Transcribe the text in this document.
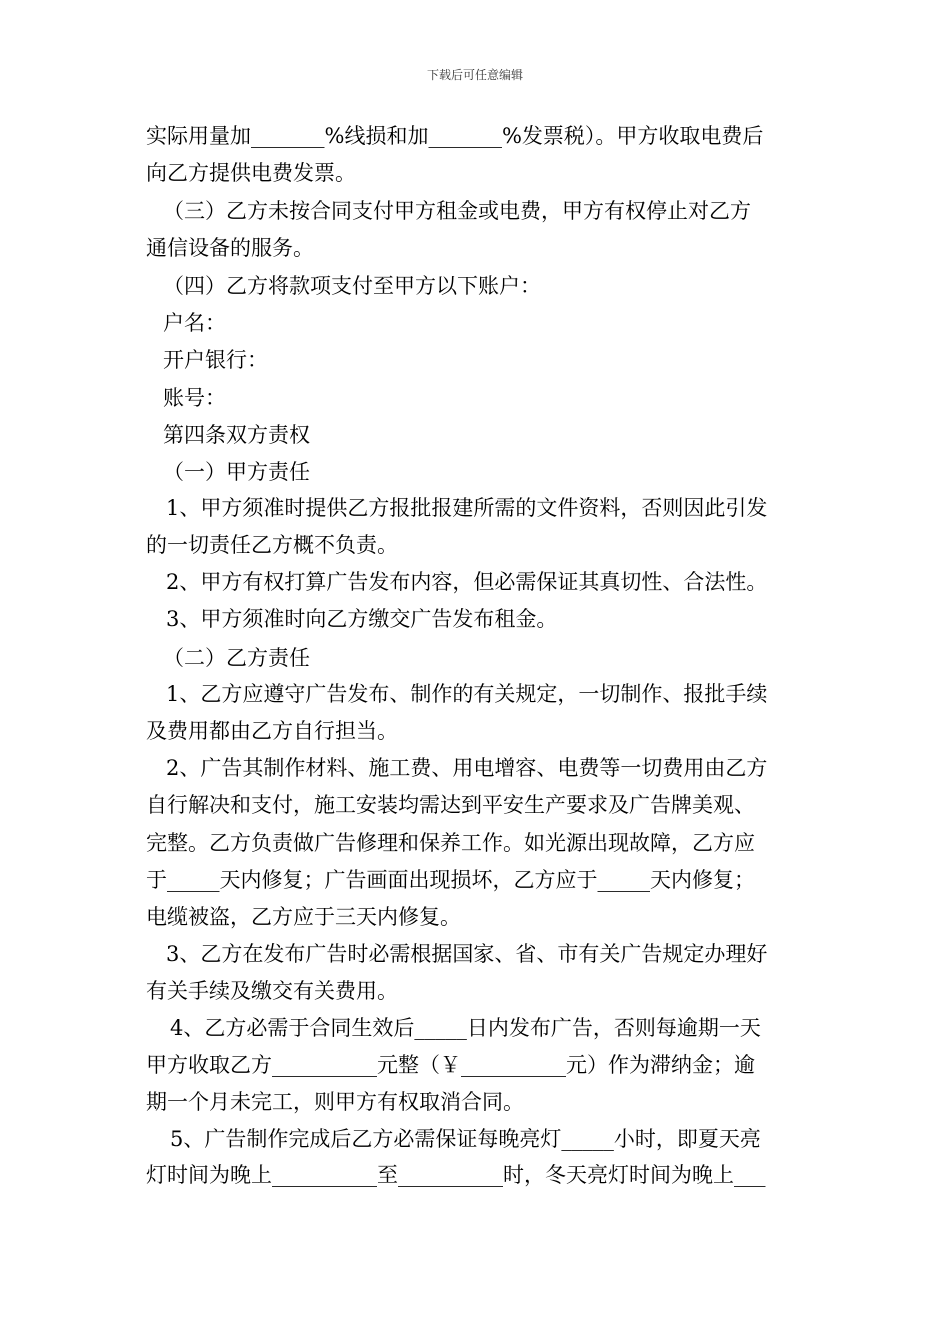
下载后可任意编辑
实际用量加_______%线损和加_______%发票税）。甲方收取电费后
向乙方提供电费发票。
（三）乙方未按合同支付甲方租金或电费，甲方有权停止对乙方
通信设备的服务。
（四）乙方将款项支付至甲方以下账户：
户名：
开户银行：
账号：
第四条双方责权
（一）甲方责任
1、甲方须准时提供乙方报批报建所需的文件资料，否则因此引发
的一切责任乙方概不负责。
2、甲方有权打算广告发布内容，但必需保证其真切性、合法性。
3、甲方须准时向乙方缴交广告发布租金。
（二）乙方责任
1、乙方应遵守广告发布、制作的有关规定，一切制作、报批手续
及费用都由乙方自行担当。
2、广告其制作材料、施工费、用电增容、电费等一切费用由乙方
自行解决和支付，施工安装均需达到平安生产要求及广告牌美观、
完整。乙方负责做广告修理和保养工作。如光源出现故障，乙方应
于_____天内修复；广告画面出现损坏，乙方应于_____天内修复；
电缆被盗，乙方应于三天内修复。
3、乙方在发布广告时必需根据国家、省、市有关广告规定办理好
有关手续及缴交有关费用。
4、乙方必需于合同生效后_____日内发布广告，否则每逾期一天
甲方收取乙方__________元整（￥__________元）作为滞纳金；逾
期一个月未完工，则甲方有权取消合同。
5、广告制作完成后乙方必需保证每晚亮灯_____小时，即夏天亮
灯时间为晚上__________至__________时，冬天亮灯时间为晚上___
